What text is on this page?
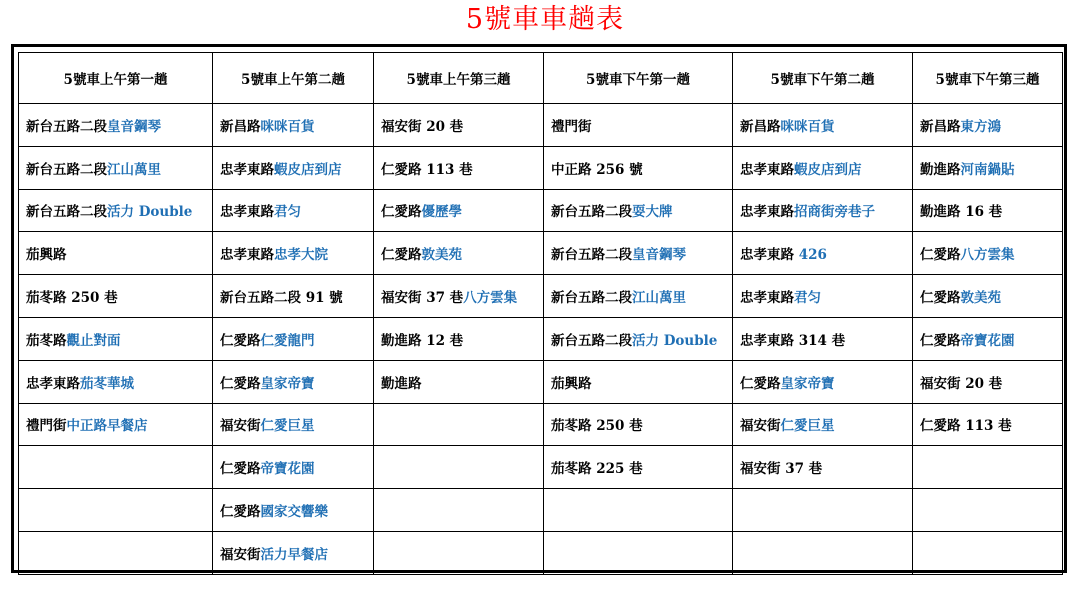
5號車車趟表
5號車上午第一趟	5號車上午第二趟	5號車上午第三趟	5號車下午第一趟	5號車下午第二趟	5號車下午第三趟
新台五路二段皇音鋼琴	新昌路咪咪百貨	福安街 20 巷	禮門街	新昌路咪咪百貨	新昌路東方鴻
新台五路二段江山萬里	忠孝東路蝦皮店到店	仁愛路 113 巷	中正路 256 號	忠孝東路蝦皮店到店	勤進路河南鍋貼
新台五路二段活力 Double	忠孝東路君匀	仁愛路優歷學	新台五路二段耍大牌	忠孝東路招商街旁巷子	勤進路 16 巷
茄興路	忠孝東路忠孝大院	仁愛路敦美苑	新台五路二段皇音鋼琴	忠孝東路 426	仁愛路八方雲集
茄苳路 250 巷	新台五路二段 91 號	福安街 37 巷八方雲集	新台五路二段江山萬里	忠孝東路君匀	仁愛路敦美苑
茄苳路觀止對面	仁愛路仁愛龍門	勤進路 12 巷	新台五路二段活力 Double	忠孝東路 314 巷	仁愛路帝寶花園
忠孝東路茄苳華城	仁愛路皇家帝寶	勤進路	茄興路	仁愛路皇家帝寶	福安街 20 巷
禮門街中正路早餐店	福安街仁愛巨星		茄苳路 250 巷	福安街仁愛巨星	仁愛路 113 巷
	仁愛路帝寶花園		茄苳路 225 巷	福安街 37 巷	
	仁愛路國家交響樂				
	福安街活力早餐店				
